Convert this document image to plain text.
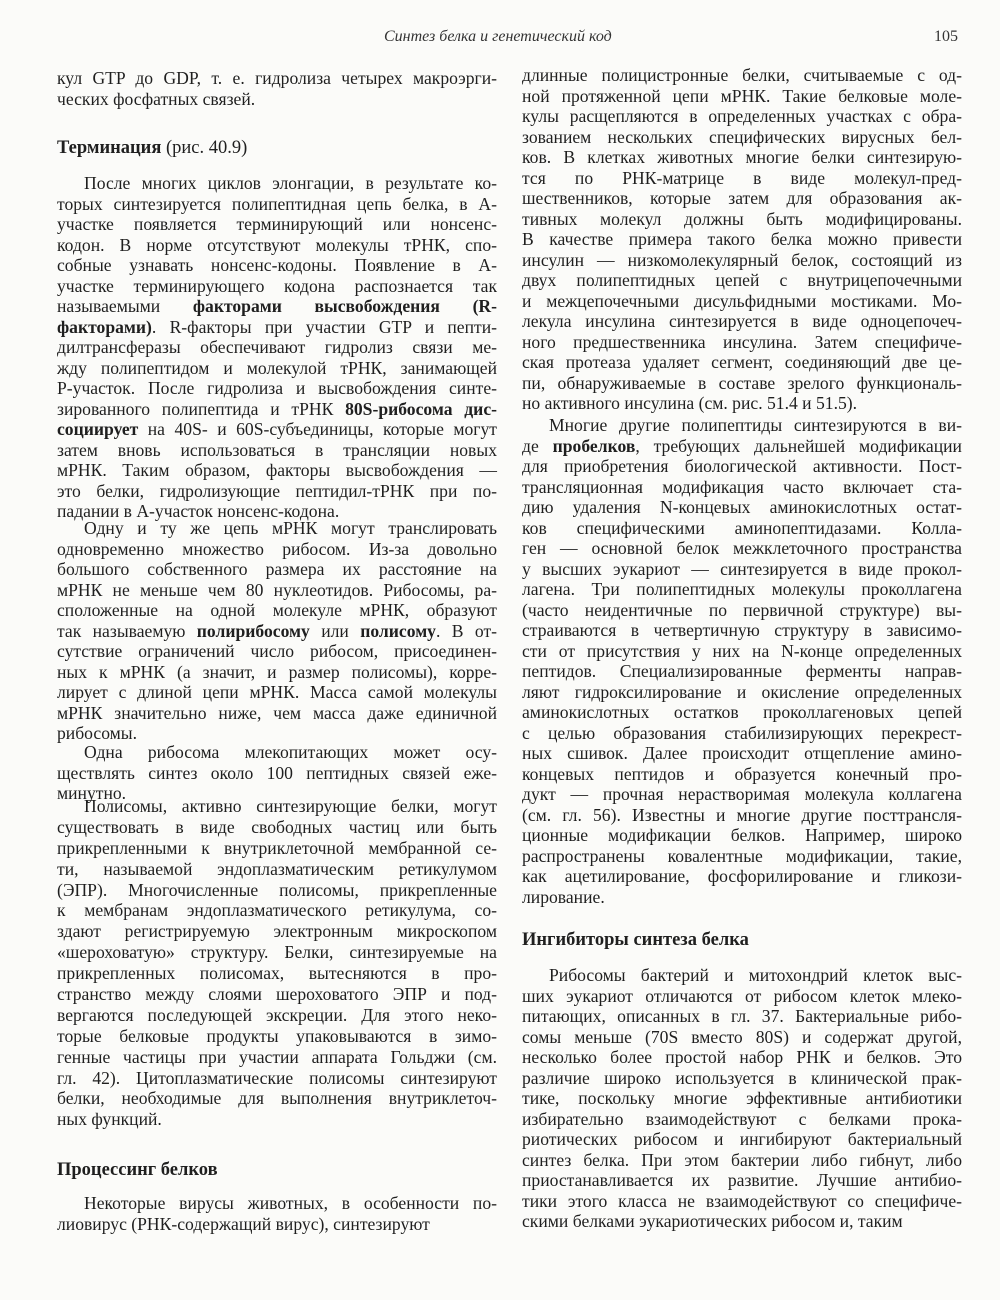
Синтез белка и генетический код	105
кул GTP до GDP, т. е. гидролиза четырех макроэрги-
ческих фосфатных связей.
Терминация (рис. 40.9)
После многих циклов элонгации, в результате ко-
торых синтезируется полипептидная цепь белка, в А-
участке появляется терминирующий или нонсенс-
кодон. В норме отсутствуют молекулы тРНК, спо-
собные узнавать нонсенс-кодоны. Появление в А-
участке терминирующего кодона распознается так
называемыми факторами высвобождения (R-
факторами). R-факторы при участии GTP и пепти-
дилтрансферазы обеспечивают гидролиз связи ме-
жду полипептидом и молекулой тРНК, занимающей
Р-участок. После гидролиза и высвобождения синте-
зированного полипептида и тРНК 80S-рибосома дис-
социирует на 40S- и 60S-субъединицы, которые могут
затем вновь использоваться в трансляции новых
мРНК. Таким образом, факторы высвобождения —
это белки, гидролизующие пептидил-тРНК при по-
падании в А-участок нонсенс-кодона.
Одну и ту же цепь мРНК могут транслировать
одновременно множество рибосом. Из-за довольно
большого собственного размера их расстояние на
мРНК не меньше чем 80 нуклеотидов. Рибосомы, ра-
сположенные на одной молекуле мРНК, образуют
так называемую полирибосому или полисому. В от-
сутствие ограничений число рибосом, присоединен-
ных к мРНК (а значит, и размер полисомы), корре-
лирует с длиной цепи мРНК. Масса самой молекулы
мРНК значительно ниже, чем масса даже единичной
рибосомы.
Одна рибосома млекопитающих может осу-
ществлять синтез около 100 пептидных связей еже-
минутно.
Полисомы, активно синтезирующие белки, могут
существовать в виде свободных частиц или быть
прикрепленными к внутриклеточной мембранной се-
ти, называемой эндоплазматическим ретикулумом
(ЭПР). Многочисленные полисомы, прикрепленные
к мембранам эндоплазматического ретикулума, со-
здают регистрируемую электронным микроскопом
«шероховатую» структуру. Белки, синтезируемые на
прикрепленных полисомах, вытесняются в про-
странство между слоями шероховатого ЭПР и под-
вергаются последующей экскреции. Для этого неко-
торые белковые продукты упаковываются в зимо-
генные частицы при участии аппарата Гольджи (см.
гл. 42). Цитоплазматические полисомы синтезируют
белки, необходимые для выполнения внутриклеточ-
ных функций.
Процессинг белков
Некоторые вирусы животных, в особенности по-
лиовирус (РНК-содержащий вирус), синтезируют
длинные полицистронные белки, считываемые с од-
ной протяженной цепи мРНК. Такие белковые моле-
кулы расщепляются в определенных участках с обра-
зованием нескольких специфических вирусных бел-
ков. В клетках животных многие белки синтезирую-
тся по РНК-матрице в виде молекул-пред-
шественников, которые затем для образования ак-
тивных молекул должны быть модифицированы.
В качестве примера такого белка можно привести
инсулин — низкомолекулярный белок, состоящий из
двух полипептидных цепей с внутрицепочечными
и межцепочечными дисульфидными мостиками. Мо-
лекула инсулина синтезируется в виде одноцепочеч-
ного предшественника инсулина. Затем специфиче-
ская протеаза удаляет сегмент, соединяющий две це-
пи, обнаруживаемые в составе зрелого функциональ-
но активного инсулина (см. рис. 51.4 и 51.5).
Многие другие полипептиды синтезируются в ви-
де пробелков, требующих дальнейшей модификации
для приобретения биологической активности. Пост-
трансляционная модификация часто включает ста-
дию удаления N-концевых аминокислотных остат-
ков специфическими аминопептидазами. Колла-
ген — основной белок межклеточного пространства
у высших эукариот — синтезируется в виде прокол-
лагена. Три полипептидных молекулы проколлагена
(часто неидентичные по первичной структуре) вы-
страиваются в четвертичную структуру в зависимо-
сти от присутствия у них на N-конце определенных
пептидов. Специализированные ферменты направ-
ляют гидроксилирование и окисление определенных
аминокислотных остатков проколлагеновых цепей
с целью образования стабилизирующих перекрест-
ных сшивок. Далее происходит отщепление амино-
концевых пептидов и образуется конечный про-
дукт — прочная нерастворимая молекула коллагена
(см. гл. 56). Известны и многие другие посттрансля-
ционные модификации белков. Например, широко
распространены ковалентные модификации, такие,
как ацетилирование, фосфорилирование и гликози-
лирование.
Ингибиторы синтеза белка
Рибосомы бактерий и митохондрий клеток выс-
ших эукариот отличаются от рибосом клеток млеко-
питающих, описанных в гл. 37. Бактериальные рибо-
сомы меньше (70S вместо 80S) и содержат другой,
несколько более простой набор РНК и белков. Это
различие широко используется в клинической прак-
тике, поскольку многие эффективные антибиотики
избирательно взаимодействуют с белками прока-
риотических рибосом и ингибируют бактериальный
синтез белка. При этом бактерии либо гибнут, либо
приостанавливается их развитие. Лучшие антибио-
тики этого класса не взаимодействуют со специфиче-
скими белками эукариотических рибосом и, таким
